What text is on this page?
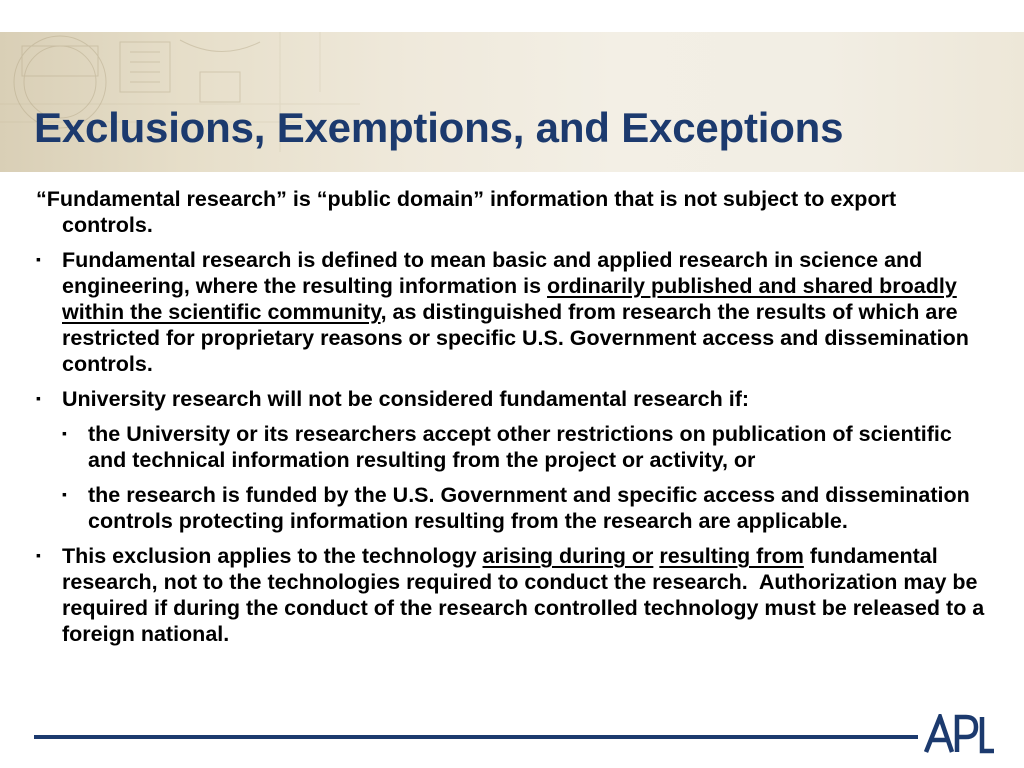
Exclusions, Exemptions, and Exceptions

“Fundamental research” is “public domain” information that is not subject to export controls.

▪ Fundamental research is defined to mean basic and applied research in science and engineering, where the resulting information is ordinarily published and shared broadly within the scientific community, as distinguished from research the results of which are restricted for proprietary reasons or specific U.S. Government access and dissemination controls.

▪ University research will not be considered fundamental research if:

▪ the University or its researchers accept other restrictions on publication of scientific and technical information resulting from the project or activity, or

▪ the research is funded by the U.S. Government and specific access and dissemination controls protecting information resulting from the research are applicable.

▪ This exclusion applies to the technology arising during or resulting from fundamental research, not to the technologies required to conduct the research.  Authorization may be required if during the conduct of the research controlled technology must be released to a foreign national.
